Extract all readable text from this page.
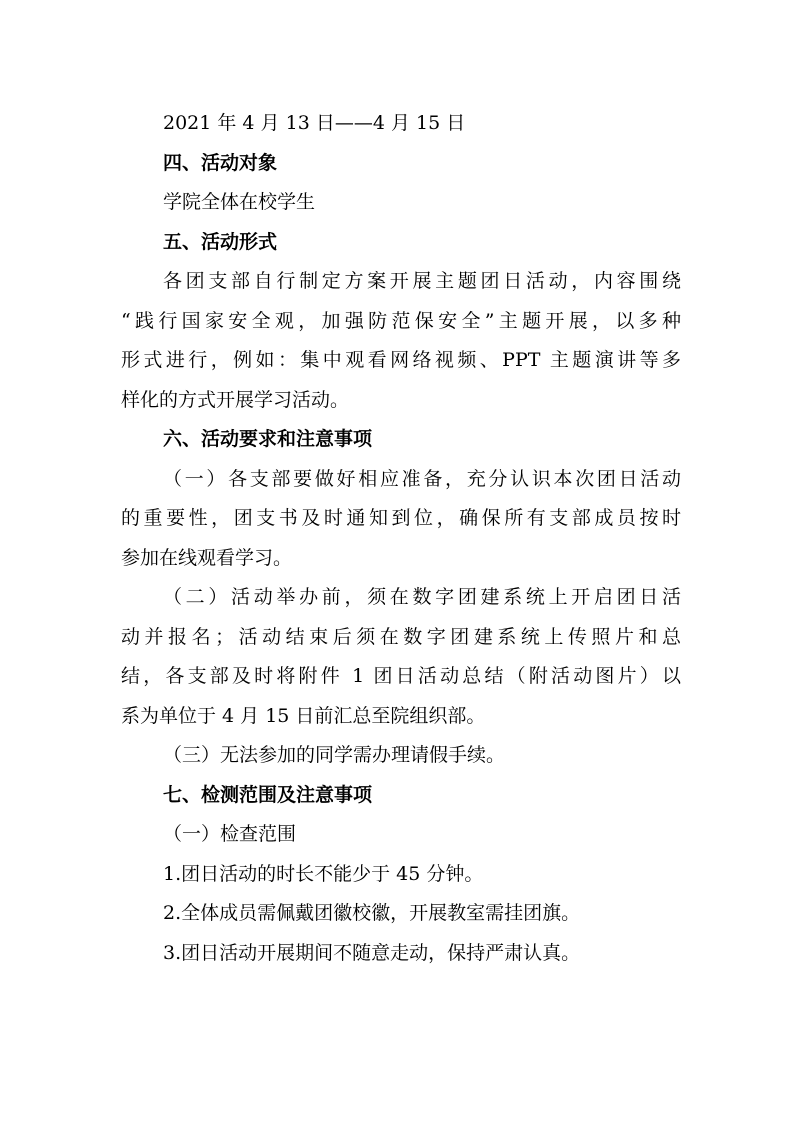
2021 年 4 月 13 日——4 月 15 日
四、活动对象
学院全体在校学生
五、活动形式
各团支部自行制定方案开展主题团日活动，内容围绕
“践行国家安全观，加强防范保安全”主题开展，以多种
形式进行，例如：集中观看网络视频、PPT 主题演讲等多
样化的方式开展学习活动。
六、活动要求和注意事项
（一）各支部要做好相应准备，充分认识本次团日活动
的重要性，团支书及时通知到位，确保所有支部成员按时
参加在线观看学习。
（二）活动举办前，须在数字团建系统上开启团日活
动并报名；活动结束后须在数字团建系统上传照片和总
结，各支部及时将附件 1 团日活动总结（附活动图片）以
系为单位于 4 月 15 日前汇总至院组织部。
（三）无法参加的同学需办理请假手续。
七、检测范围及注意事项
（一）检查范围
1.团日活动的时长不能少于 45 分钟。
2.全体成员需佩戴团徽校徽，开展教室需挂团旗。
3.团日活动开展期间不随意走动，保持严肃认真。
